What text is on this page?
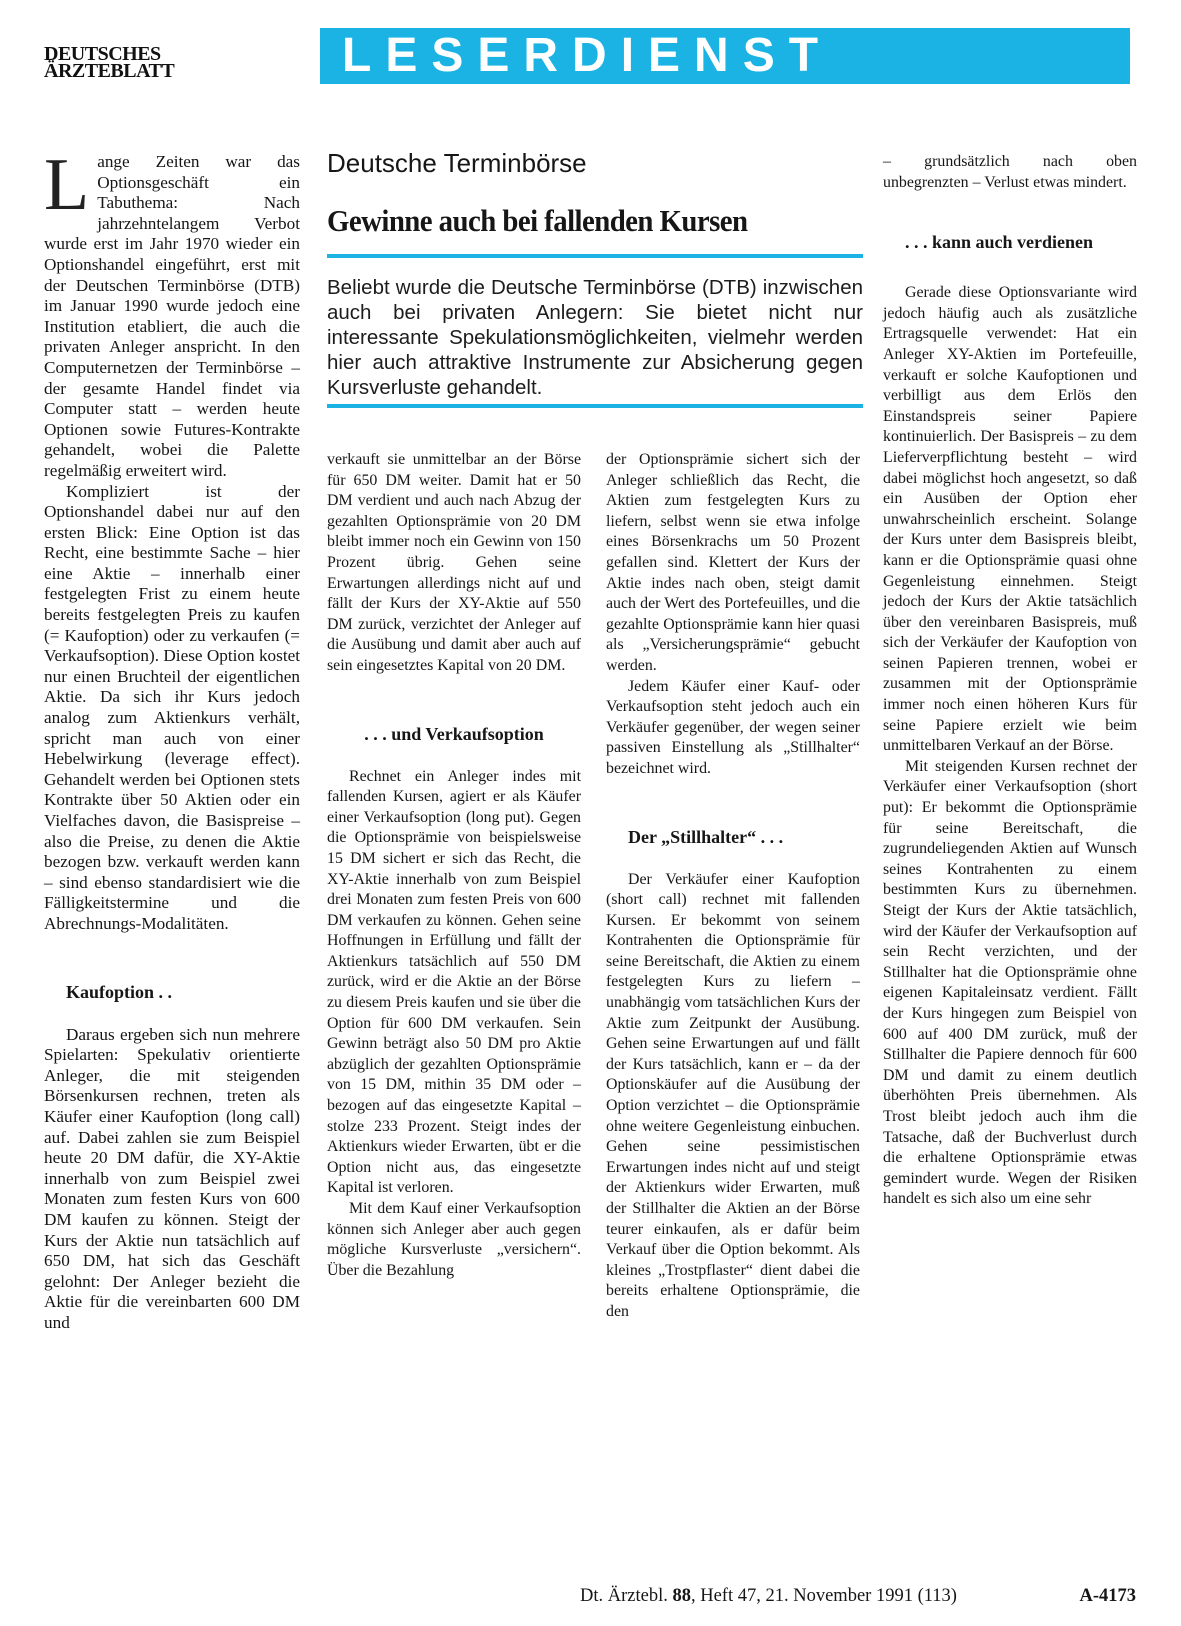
DEUTSCHES
ÄRZTEBLATT	LESERDIENST

Lange Zeiten war das Optionsgeschäft ein Tabuthema: Nach jahrzehntelangem Verbot wurde erst im Jahr 1970 wieder ein Optionshandel eingeführt, erst mit der Deutschen Terminbörse (DTB) im Januar 1990 wurde jedoch eine Institution etabliert, die auch die privaten Anleger anspricht. In den Computernetzen der Terminbörse – der gesamte Handel findet via Computer statt – werden heute Optionen sowie Futures-Kontrakte gehandelt, wobei die Palette regelmäßig erweitert wird.

Kompliziert ist der Optionshandel dabei nur auf den ersten Blick: Eine Option ist das Recht, eine bestimmte Sache – hier eine Aktie – innerhalb einer festgelegten Frist zu einem heute bereits festgelegten Preis zu kaufen (= Kaufoption) oder zu verkaufen (= Verkaufsoption). Diese Option kostet nur einen Bruchteil der eigentlichen Aktie. Da sich ihr Kurs jedoch analog zum Aktienkurs verhält, spricht man auch von einer Hebelwirkung (leverage effect). Gehandelt werden bei Optionen stets Kontrakte über 50 Aktien oder ein Vielfaches davon, die Basispreise – also die Preise, zu denen die Aktie bezogen bzw. verkauft werden kann – sind ebenso standardisiert wie die Fälligkeitstermine und die Abrechnungs-Modalitäten.

Kaufoption . .

Daraus ergeben sich nun mehrere Spielarten: Spekulativ orientierte Anleger, die mit steigenden Börsenkursen rechnen, treten als Käufer einer Kaufoption (long call) auf. Dabei zahlen sie zum Beispiel heute 20 DM dafür, die XY-Aktie innerhalb von zum Beispiel zwei Monaten zum festen Kurs von 600 DM kaufen zu können. Steigt der Kurs der Aktie nun tatsächlich auf 650 DM, hat sich das Geschäft gelohnt: Der Anleger bezieht die Aktie für die vereinbarten 600 DM und

Deutsche Terminbörse
Gewinne auch bei fallenden Kursen
Beliebt wurde die Deutsche Terminbörse (DTB) inzwischen auch bei privaten Anlegern: Sie bietet nicht nur interessante Spekulationsmöglichkeiten, vielmehr werden hier auch attraktive Instrumente zur Absicherung gegen Kursverluste gehandelt.

verkauft sie unmittelbar an der Börse für 650 DM weiter. Damit hat er 50 DM verdient und auch nach Abzug der gezahlten Optionsprämie von 20 DM bleibt immer noch ein Gewinn von 150 Prozent übrig. Gehen seine Erwartungen allerdings nicht auf und fällt der Kurs der XY-Aktie auf 550 DM zurück, verzichtet der Anleger auf die Ausübung und damit aber auch auf sein eingesetztes Kapital von 20 DM.

. . . und Verkaufsoption

Rechnet ein Anleger indes mit fallenden Kursen, agiert er als Käufer einer Verkaufsoption (long put). Gegen die Optionsprämie von beispielsweise 15 DM sichert er sich das Recht, die XY-Aktie innerhalb von zum Beispiel drei Monaten zum festen Preis von 600 DM verkaufen zu können. Gehen seine Hoffnungen in Erfüllung und fällt der Aktienkurs tatsächlich auf 550 DM zurück, wird er die Aktie an der Börse zu diesem Preis kaufen und sie über die Option für 600 DM verkaufen. Sein Gewinn beträgt also 50 DM pro Aktie abzüglich der gezahlten Optionsprämie von 15 DM, mithin 35 DM oder – bezogen auf das eingesetzte Kapital – stolze 233 Prozent. Steigt indes der Aktienkurs wieder Erwarten, übt er die Option nicht aus, das eingesetzte Kapital ist verloren.

Mit dem Kauf einer Verkaufsoption können sich Anleger aber auch gegen mögliche Kursverluste „versichern“. Über die Bezahlung

der Optionsprämie sichert sich der Anleger schließlich das Recht, die Aktien zum festgelegten Kurs zu liefern, selbst wenn sie etwa infolge eines Börsenkrachs um 50 Prozent gefallen sind. Klettert der Kurs der Aktie indes nach oben, steigt damit auch der Wert des Portefeuilles, und die gezahlte Optionsprämie kann hier quasi als „Versicherungsprämie“ gebucht werden.

Jedem Käufer einer Kauf- oder Verkaufsoption steht jedoch auch ein Verkäufer gegenüber, der wegen seiner passiven Einstellung als „Stillhalter“ bezeichnet wird.

Der „Stillhalter“ . . .

Der Verkäufer einer Kaufoption (short call) rechnet mit fallenden Kursen. Er bekommt von seinem Kontrahenten die Optionsprämie für seine Bereitschaft, die Aktien zu einem festgelegten Kurs zu liefern – unabhängig vom tatsächlichen Kurs der Aktie zum Zeitpunkt der Ausübung. Gehen seine Erwartungen auf und fällt der Kurs tatsächlich, kann er – da der Optionskäufer auf die Ausübung der Option verzichtet – die Optionsprämie ohne weitere Gegenleistung einbuchen. Gehen seine pessimistischen Erwartungen indes nicht auf und steigt der Aktienkurs wider Erwarten, muß der Stillhalter die Aktien an der Börse teurer einkaufen, als er dafür beim Verkauf über die Option bekommt. Als kleines „Trostpflaster“ dient dabei die bereits erhaltene Optionsprämie, die den

– grundsätzlich nach oben unbegrenzten – Verlust etwas mindert.

. . . kann auch verdienen

Gerade diese Optionsvariante wird jedoch häufig auch als zusätzliche Ertragsquelle verwendet: Hat ein Anleger XY-Aktien im Portefeuille, verkauft er solche Kaufoptionen und verbilligt aus dem Erlös den Einstandspreis seiner Papiere kontinuierlich. Der Basispreis – zu dem Lieferverpflichtung besteht – wird dabei möglichst hoch angesetzt, so daß ein Ausüben der Option eher unwahrscheinlich erscheint. Solange der Kurs unter dem Basispreis bleibt, kann er die Optionsprämie quasi ohne Gegenleistung einnehmen. Steigt jedoch der Kurs der Aktie tatsächlich über den vereinbaren Basispreis, muß sich der Verkäufer der Kaufoption von seinen Papieren trennen, wobei er zusammen mit der Optionsprämie immer noch einen höheren Kurs für seine Papiere erzielt wie beim unmittelbaren Verkauf an der Börse.

Mit steigenden Kursen rechnet der Verkäufer einer Verkaufsoption (short put): Er bekommt die Optionsprämie für seine Bereitschaft, die zugrundeliegenden Aktien auf Wunsch seines Kontrahenten zu einem bestimmten Kurs zu übernehmen. Steigt der Kurs der Aktie tatsächlich, wird der Käufer der Verkaufsoption auf sein Recht verzichten, und der Stillhalter hat die Optionsprämie ohne eigenen Kapitaleinsatz verdient. Fällt der Kurs hingegen zum Beispiel von 600 auf 400 DM zurück, muß der Stillhalter die Papiere dennoch für 600 DM und damit zu einem deutlich überhöhten Preis übernehmen. Als Trost bleibt jedoch auch ihm die Tatsache, daß der Buchverlust durch die erhaltene Optionsprämie etwas gemindert wurde. Wegen der Risiken handelt es sich also um eine sehr

Dt. Ärztebl. 88, Heft 47, 21. November 1991 (113)	A-4173
